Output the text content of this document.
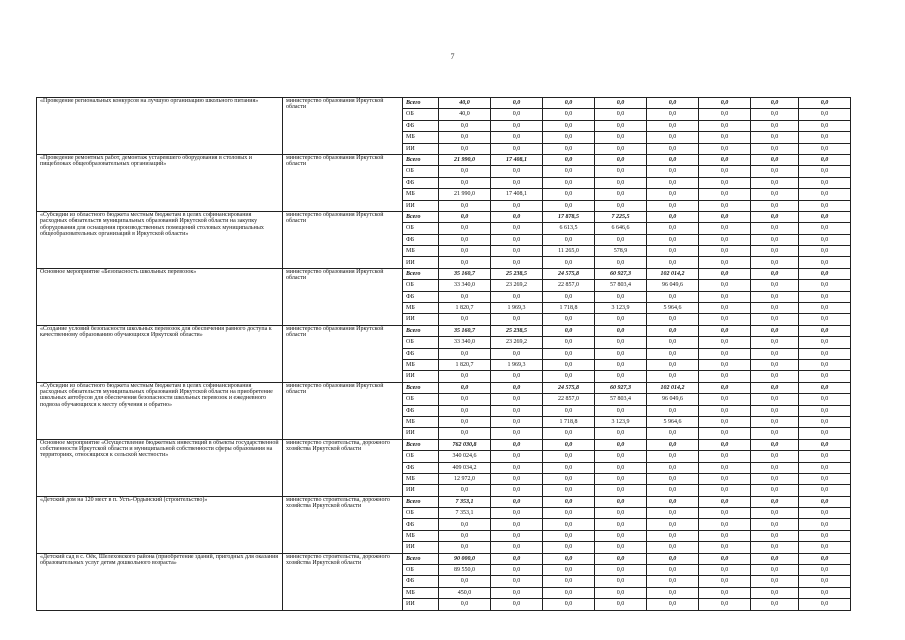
7
«Проведение региональных конкурсов на лучшую организацию школьного питания»	министерство образования Иркутской области	Всего	40,0	0,0	0,0	0,0	0,0	0,0	0,0	0,0
		ОБ	40,0	0,0	0,0	0,0	0,0	0,0	0,0	0,0
		ФБ	0,0	0,0	0,0	0,0	0,0	0,0	0,0	0,0
		МБ	0,0	0,0	0,0	0,0	0,0	0,0	0,0	0,0
		ИИ	0,0	0,0	0,0	0,0	0,0	0,0	0,0	0,0
«Проведение ремонтных работ, демонтаж устаревшего оборудования в столовых и пищеблоках общеобразовательных организаций»	министерство образования Иркутской области	Всего	21 990,0	17 408,1	0,0	0,0	0,0	0,0	0,0	0,0
		ОБ	0,0	0,0	0,0	0,0	0,0	0,0	0,0	0,0
		ФБ	0,0	0,0	0,0	0,0	0,0	0,0	0,0	0,0
		МБ	21 990,0	17 408,1	0,0	0,0	0,0	0,0	0,0	0,0
		ИИ	0,0	0,0	0,0	0,0	0,0	0,0	0,0	0,0
«Субсидии из областного бюджета местным бюджетам в целях софинансирования расходных обязательств муниципальных образований Иркутской области на закупку оборудования для оснащения производственных помещений столовых муниципальных общеобразовательных организаций в Иркутской области»	министерство образования Иркутской области	Всего	0,0	0,0	17 878,5	7 225,5	0,0	0,0	0,0	0,0
		ОБ	0,0	0,0	6 613,5	6 646,6	0,0	0,0	0,0	0,0
		ФБ	0,0	0,0	0,0	0,0	0,0	0,0	0,0	0,0
		МБ	0,0	0,0	11 265,0	578,9	0,0	0,0	0,0	0,0
		ИИ	0,0	0,0	0,0	0,0	0,0	0,0	0,0	0,0
Основное мероприятие «Безопасность школьных перевозок»	министерство образования Иркутской области	Всего	35 160,7	25 238,5	24 575,8	60 927,3	102 014,2	0,0	0,0	0,0
		ОБ	33 340,0	23 269,2	22 857,0	57 803,4	96 049,6	0,0	0,0	0,0
		ФБ	0,0	0,0	0,0	0,0	0,0	0,0	0,0	0,0
		МБ	1 820,7	1 969,3	1 718,8	3 123,9	5 964,6	0,0	0,0	0,0
		ИИ	0,0	0,0	0,0	0,0	0,0	0,0	0,0	0,0
«Создание условий безопасности школьных перевозок для обеспечения равного доступа к качественному образованию обучающихся Иркутской области»	министерство образования Иркутской области	Всего	35 160,7	25 238,5	0,0	0,0	0,0	0,0	0,0	0,0
		ОБ	33 340,0	23 269,2	0,0	0,0	0,0	0,0	0,0	0,0
		ФБ	0,0	0,0	0,0	0,0	0,0	0,0	0,0	0,0
		МБ	1 820,7	1 969,3	0,0	0,0	0,0	0,0	0,0	0,0
		ИИ	0,0	0,0	0,0	0,0	0,0	0,0	0,0	0,0
«Субсидии из областного бюджета местным бюджетам в целях софинансирования расходных обязательств муниципальных образований Иркутской области на приобретение школьных автобусов для обеспечения безопасности школьных перевозок и ежедневного подвоза обучающихся к месту обучения и обратно»	министерство образования Иркутской области	Всего	0,0	0,0	24 575,8	60 927,3	102 014,2	0,0	0,0	0,0
		ОБ	0,0	0,0	22 857,0	57 803,4	96 049,6	0,0	0,0	0,0
		ФБ	0,0	0,0	0,0	0,0	0,0	0,0	0,0	0,0
		МБ	0,0	0,0	1 718,8	3 123,9	5 964,6	0,0	0,0	0,0
		ИИ	0,0	0,0	0,0	0,0	0,0	0,0	0,0	0,0
Основное мероприятие «Осуществление бюджетных инвестиций в объекты государственной собственности Иркутской области и муниципальной собственности сферы образования на территориях, относящихся к сельской местности»	министерство строительства, дорожного хозяйства Иркутской области	Всего	762 030,8	0,0	0,0	0,0	0,0	0,0	0,0	0,0
		ОБ	340 024,6	0,0	0,0	0,0	0,0	0,0	0,0	0,0
		ФБ	409 034,2	0,0	0,0	0,0	0,0	0,0	0,0	0,0
		МБ	12 972,0	0,0	0,0	0,0	0,0	0,0	0,0	0,0
		ИИ	0,0	0,0	0,0	0,0	0,0	0,0	0,0	0,0
«Детский дом на 120 мест в п. Усть-Ордынский (строительство)»	министерство строительства, дорожного хозяйства Иркутской области	Всего	7 353,1	0,0	0,0	0,0	0,0	0,0	0,0	0,0
		ОБ	7 353,1	0,0	0,0	0,0	0,0	0,0	0,0	0,0
		ФБ	0,0	0,0	0,0	0,0	0,0	0,0	0,0	0,0
		МБ	0,0	0,0	0,0	0,0	0,0	0,0	0,0	0,0
		ИИ	0,0	0,0	0,0	0,0	0,0	0,0	0,0	0,0
«Детский сад в с. Оёк, Шелеховского района (приобретение зданий, пригодных для оказания образовательных услуг детям дошкольного возраста»	министерство строительства, дорожного хозяйства Иркутской области	Всего	90 000,0	0,0	0,0	0,0	0,0	0,0	0,0	0,0
		ОБ	89 550,0	0,0	0,0	0,0	0,0	0,0	0,0	0,0
		ФБ	0,0	0,0	0,0	0,0	0,0	0,0	0,0	0,0
		МБ	450,0	0,0	0,0	0,0	0,0	0,0	0,0	0,0
		ИИ	0,0	0,0	0,0	0,0	0,0	0,0	0,0	0,0
